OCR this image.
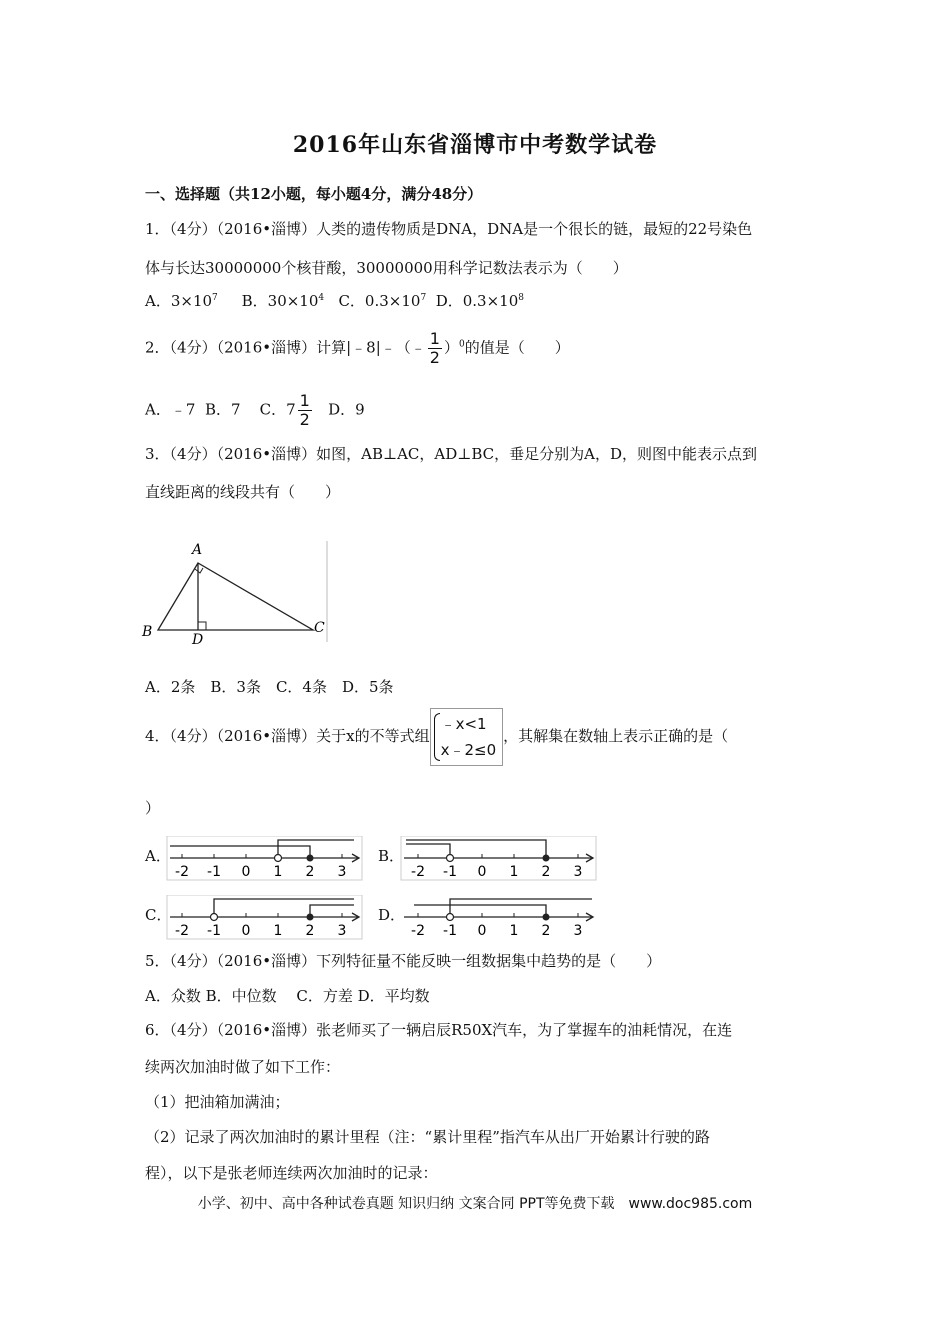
2016年山东省淄博市中考数学试卷
一、选择题（共12小题，每小题4分，满分48分）
1．（4分）（2016•淄博）人类的遗传物质是DNA，DNA是一个很长的链，最短的22号染色
体与长达30000000个核苷酸，30000000用科学记数法表示为（　　）
A．$3\times 10^7$ B．$30\times 10^4$ C．$0.3\times 10^7$ D．$0.3\times 10^8$
2．（4分）（2016•淄博）计算|﹣8|﹣（﹣ $\frac{1}{2} )^0$的值是（　　）
A．﹣7 B．7 C．$7 \frac{1}{2}$ D．9
3．（4分）（2016•淄博）如图，AB⊥AC，AD⊥BC，垂足分别为A，D，则图中能表示点到
直线距离的线段共有（　　）
A
B	C
D
A．2条　B．3条　C．4条　D．5条
4．（4分）（2016•淄博）关于x的不等式组
﹣x<1
x﹣2≤0
，其解集在数轴上表示正确的是（
）
A．	B．
C．	D．
-2 -1 0 1 2 3	-2 -1 0 1 2 3
-2 -1 0 1 2 3	-2 -1 0 1 2 3
5．（4分）（2016•淄博）下列特征量不能反映一组数据集中趋势的是（　　）
A．众数 B．中位数　 C．方差 D．平均数
6．（4分）（2016•淄博）张老师买了一辆启辰R50X汽车，为了掌握车的油耗情况，在连
续两次加油时做了如下工作：
（1）把油箱加满油；
（2）记录了两次加油时的累计里程（注：“累计里程”指汽车从出厂开始累计行驶的路
程），以下是张老师连续两次加油时的记录：
小学、初中、高中各种试卷真题 知识归纳 文案合同 PPT等免费下载　www.doc985.com
